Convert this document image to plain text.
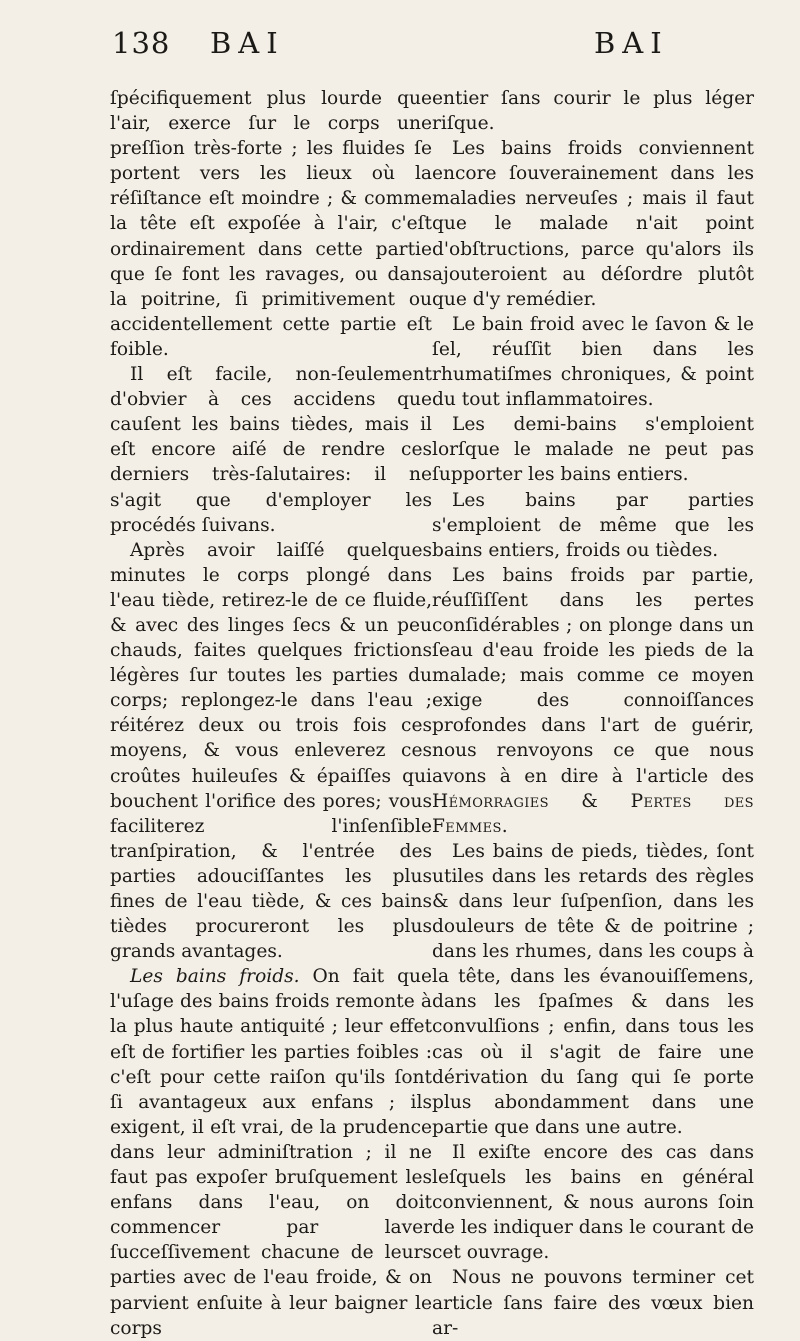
138 BAI	BAI

ſpécifiquement plus lourde que l'air, exerce ſur le corps une preſſion très-forte ; les fluides ſe portent vers les lieux où la réſiſtance eſt moindre ; & comme la tête eſt expoſée à l'air, c'eſt ordinairement dans cette partie que ſe font les ravages, ou dans la poitrine, ſi primitivement ou accidentellement cette partie eſt foible.

Il eſt facile, non-ſeulement d'obvier à ces accidens que cauſent les bains tièdes, mais il eſt encore aiſé de rendre ces derniers très-ſalutaires: il ne s'agit que d'employer les procédés ſuivans.

Après avoir laiſſé quelques minutes le corps plongé dans l'eau tiède, retirez-le de ce fluide, & avec des linges ſecs & un peu chauds, faites quelques frictions légères ſur toutes les parties du corps; replongez-le dans l'eau ; réitérez deux ou trois fois ces moyens, & vous enleverez ces croûtes huileuſes & épaiſſes qui bouchent l'orifice des pores; vous faciliterez l'inſenſible tranſpiration, & l'entrée des parties adouciſſantes les plus fines de l'eau tiède, & ces bains tièdes procureront les plus grands avantages.

Les bains froids. On fait que l'uſage des bains froids remonte à la plus haute antiquité ; leur effet eſt de fortifier les parties foibles : c'eſt pour cette raiſon qu'ils ſont ſi avantageux aux enfans ; ils exigent, il eſt vrai, de la prudence dans leur adminiſtration ; il ne faut pas expoſer bruſquement les enfans dans l'eau, on doit commencer par laver ſucceſſivement chacune de leurs parties avec de l'eau froide, & on parvient enſuite à leur baigner le corps

entier ſans courir le plus léger riſque.

Les bains froids conviennent encore ſouverainement dans les maladies nerveuſes ; mais il faut que le malade n'ait point d'obſtructions, parce qu'alors ils ajouteroient au déſordre plutôt que d'y remédier.

Le bain froid avec le ſavon & le ſel, réuſſit bien dans les rhumatiſmes chroniques, & point du tout inflammatoires.

Les demi-bains s'emploient lorſque le malade ne peut pas ſupporter les bains entiers.

Les bains par parties s'emploient de même que les bains entiers, froids ou tièdes.

Les bains froids par partie, réuſſiſſent dans les pertes conſidérables ; on plonge dans un ſeau d'eau froide les pieds de la malade; mais comme ce moyen exige des connoiſſances profondes dans l'art de guérir, nous renvoyons ce que nous avons à en dire à l'article des Hémorragies & Pertes des Femmes.

Les bains de pieds, tièdes, ſont utiles dans les retards des règles & dans leur ſuſpenſion, dans les douleurs de tête & de poitrine ; dans les rhumes, dans les coups à la tête, dans les évanouiſſemens, dans les ſpaſmes & dans les convulſions ; enfin, dans tous les cas où il s'agit de faire une dérivation du ſang qui ſe porte plus abondamment dans une partie que dans une autre.

Il exiſte encore des cas dans leſquels les bains en général conviennent, & nous aurons ſoin de les indiquer dans le courant de cet ouvrage.

Nous ne pouvons terminer cet article ſans faire des vœux bien ar-
